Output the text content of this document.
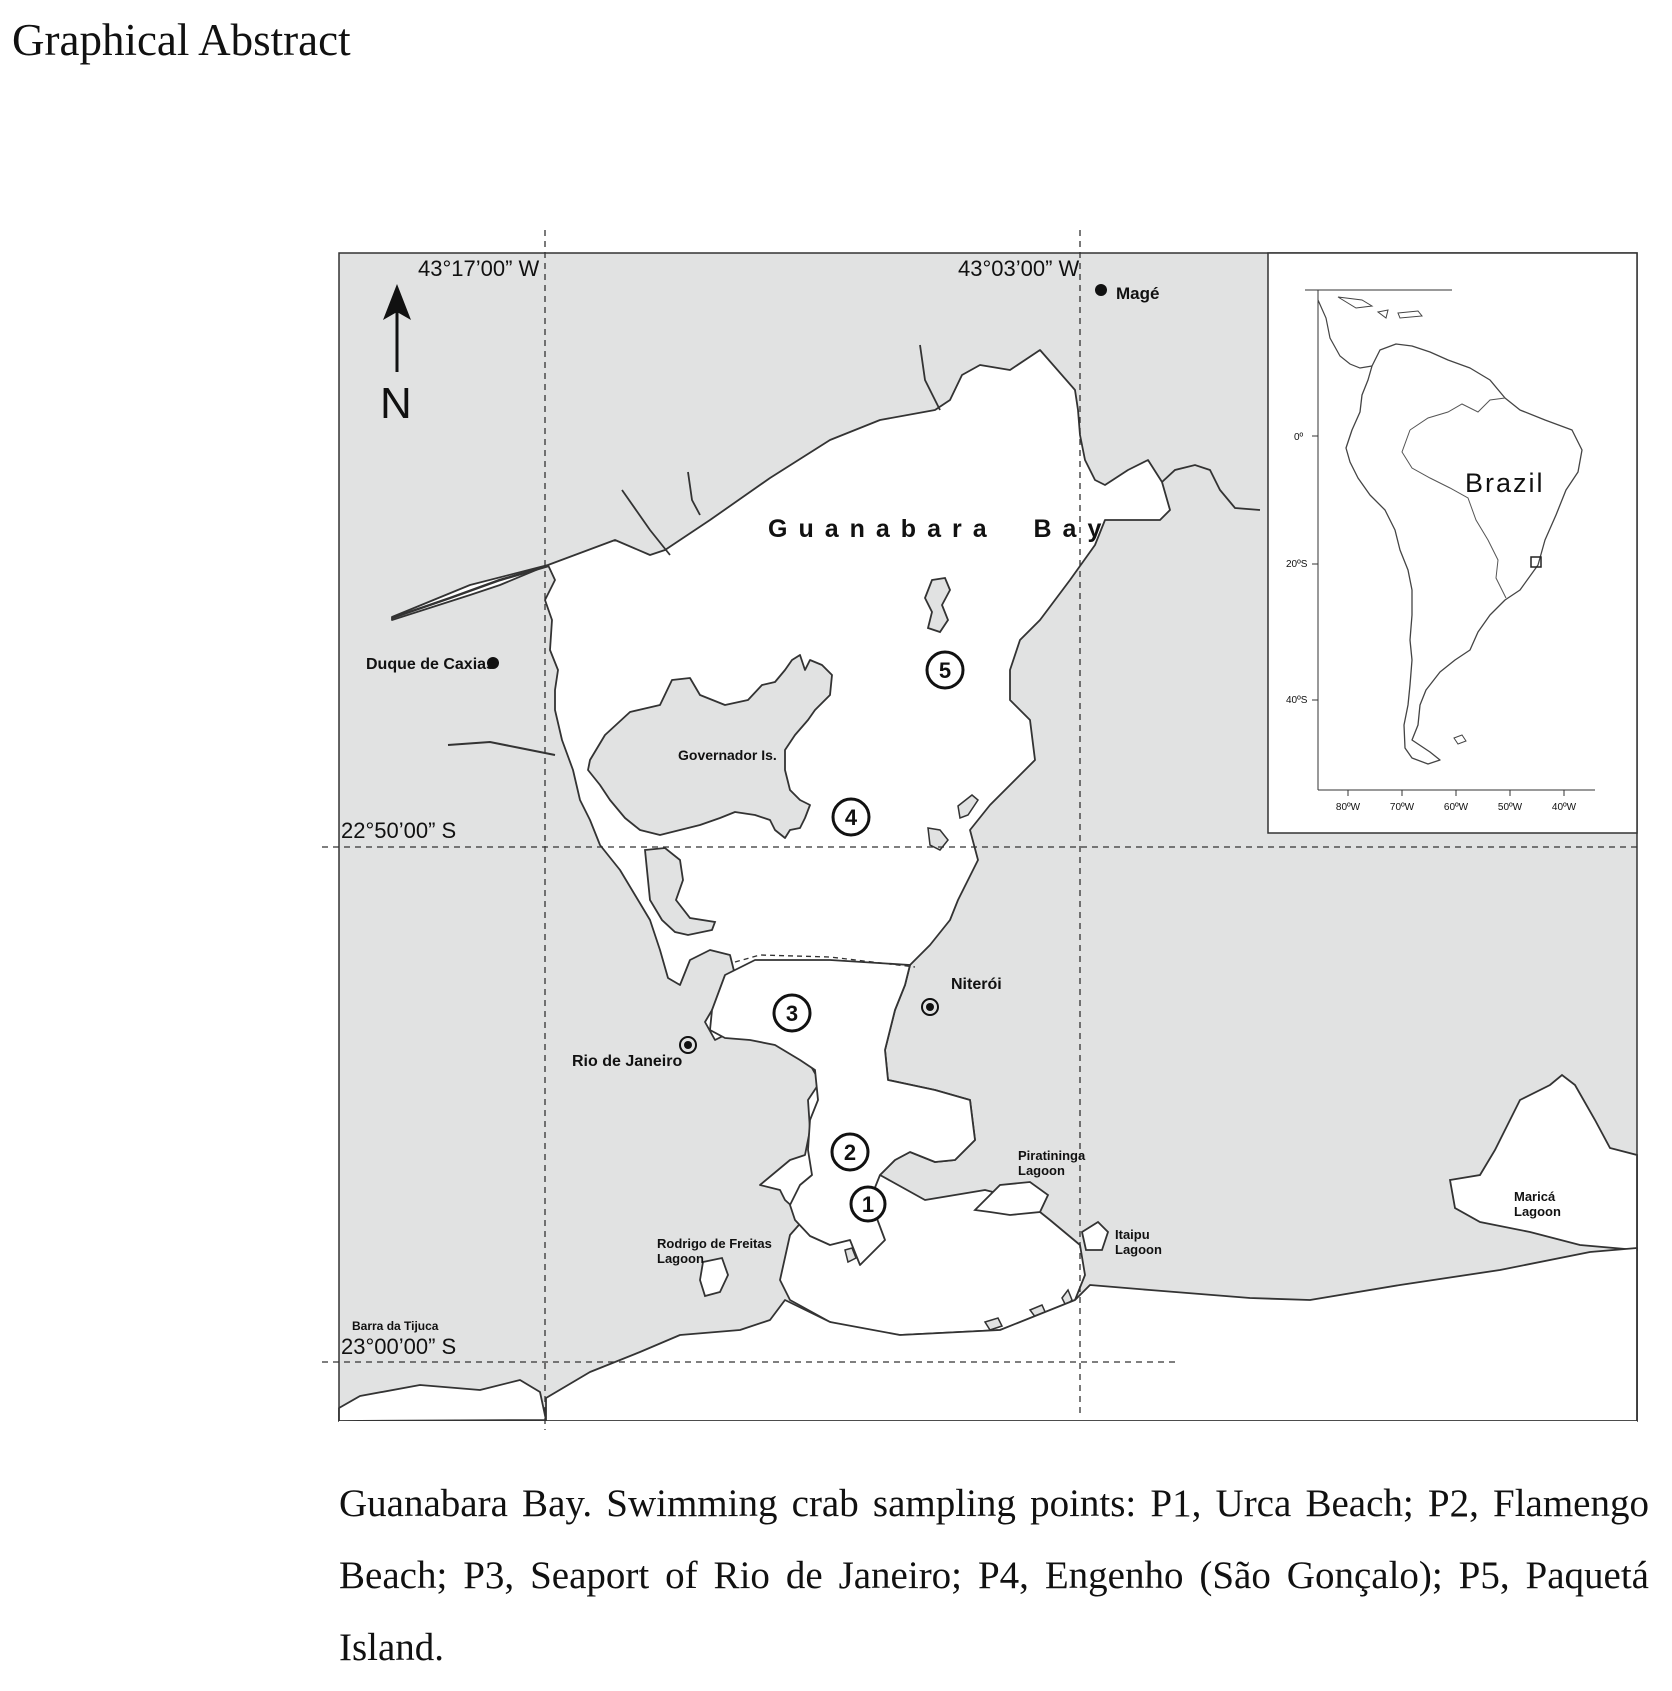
Graphical Abstract
43°17’00” W	43°03’00” W
22°50’00” S
23°00’00” S
N
Guanabara  Bay
Magé
Duque de Caxias
Governador Is.
Niterói
Rio de Janeiro
Piratininga
Lagoon
Rodrigo de Freitas
Lagoon
Itaipu
Lagoon
Barra da Tijuca
Maricá
Lagoon
1
2
3
4
5
Brazil
0º
20ºS
40ºS
80ºW	70ºW	60ºW	50ºW	40ºW

Guanabara Bay. Swimming crab sampling points: P1, Urca Beach; P2, Flamengo Beach; P3, Seaport of Rio de Janeiro; P4, Engenho (São Gonçalo); P5, Paquetá Island.
